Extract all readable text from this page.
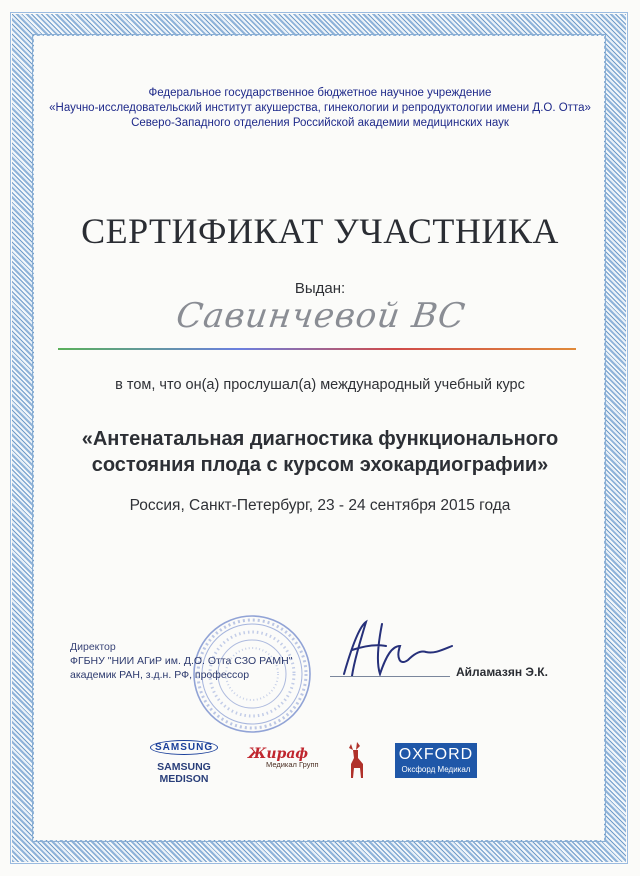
Федеральное государственное бюджетное научное учреждение
«Научно-исследовательский институт акушерства, гинекологии и репродуктологии имени Д.О. Отта»
Северо-Западного отделения Российской академии медицинских наук
СЕРТИФИКАТ УЧАСТНИКА
Выдан:
Савинчевой ВС
в том, что он(а) прослушал(а) международный учебный курс
«Антенатальная диагностика функционального
состояния плода с курсом эхокардиографии»
Россия, Санкт-Петербург, 23 - 24 сентября 2015 года
Директор
ФГБНУ "НИИ АГиР им. Д.О. Отта СЗО РАМН"
академик РАН, з.д.н. РФ, профессор	Айламазян Э.К.
SAMSUNG
SAMSUNG MEDISON
Жираф
Медикал Групп
OXFORD
Оксфорд Медикал
